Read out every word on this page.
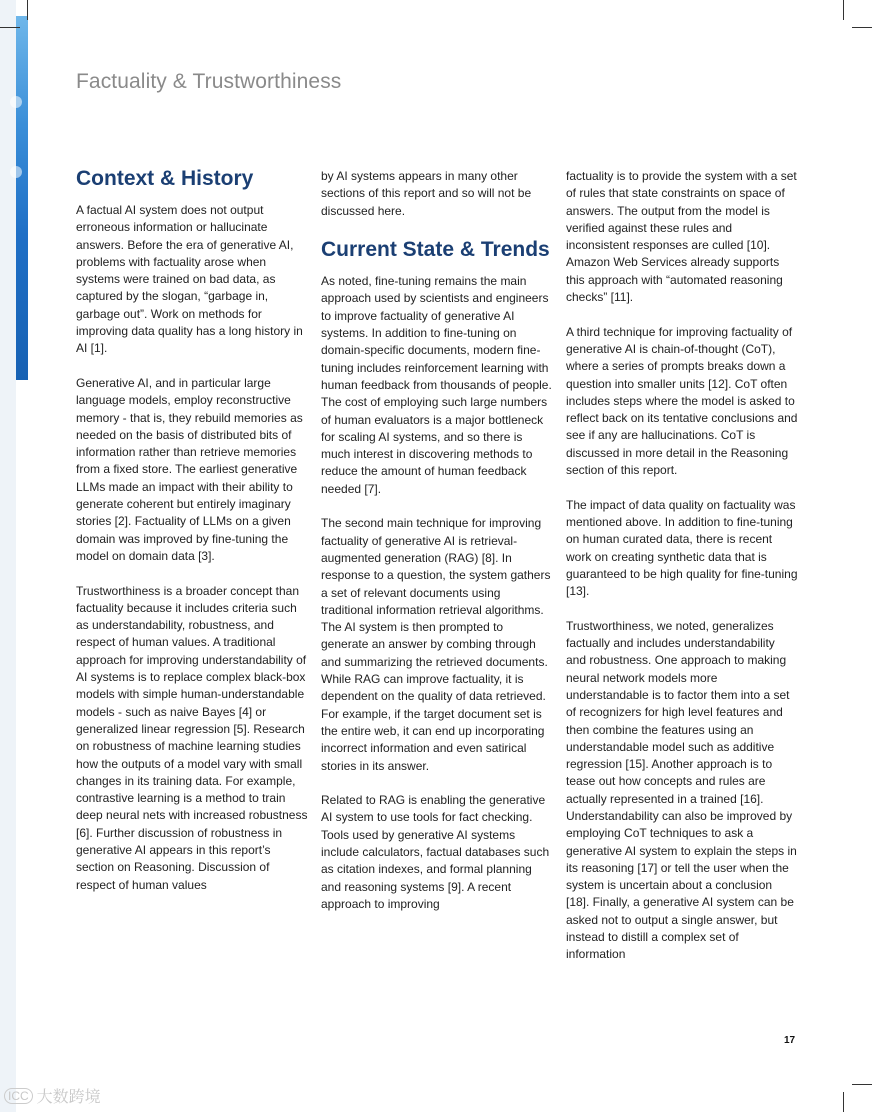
Factuality & Trustworthiness
Context & History

A factual AI system does not output erroneous information or hallucinate answers. Before the era of generative AI, problems with factuality arose when systems were trained on bad data, as captured by the slogan, “garbage in, garbage out”. Work on methods for improving data quality has a long history in AI [1].

Generative AI, and in particular large language models, employ reconstructive memory - that is, they rebuild memories as needed on the basis of distributed bits of information rather than retrieve memories from a fixed store. The earliest generative LLMs made an impact with their ability to generate coherent but entirely imaginary stories [2]. Factuality of LLMs on a given domain was improved by fine-tuning the model on domain data [3].

Trustworthiness is a broader concept than factuality because it includes criteria such as understandability, robustness, and respect of human values. A traditional approach for improving understandability of AI systems is to replace complex black-box models with simple human-understandable models - such as naive Bayes [4] or generalized linear regression [5]. Research on robustness of machine learning studies how the outputs of a model vary with small changes in its training data. For example, contrastive learning is a method to train deep neural nets with increased robustness [6]. Further discussion of robustness in generative AI appears in this report’s section on Reasoning. Discussion of respect of human values

by AI systems appears in many other sections of this report and so will not be discussed here.

Current State & Trends

As noted, fine-tuning remains the main approach used by scientists and engineers to improve factuality of generative AI systems. In addition to fine-tuning on domain-specific documents, modern fine-tuning includes reinforcement learning with human feedback from thousands of people. The cost of employing such large numbers of human evaluators is a major bottleneck for scaling AI systems, and so there is much interest in discovering methods to reduce the amount of human feedback needed [7].

The second main technique for improving factuality of generative AI is retrieval-augmented generation (RAG) [8]. In response to a question, the system gathers a set of relevant documents using traditional information retrieval algorithms. The AI system is then prompted to generate an answer by combing through and summarizing the retrieved documents. While RAG can improve factuality, it is dependent on the quality of data retrieved. For example, if the target document set is the entire web, it can end up incorporating incorrect information and even satirical stories in its answer.

Related to RAG is enabling the generative AI system to use tools for fact checking. Tools used by generative AI systems include calculators, factual databases such as citation indexes, and formal planning and reasoning systems [9]. A recent approach to improving

factuality is to provide the system with a set of rules that state constraints on space of answers. The output from the model is verified against these rules and inconsistent responses are culled [10]. Amazon Web Services already supports this approach with “automated reasoning checks” [11].

A third technique for improving factuality of generative AI is chain-of-thought (CoT), where a series of prompts breaks down a question into smaller units [12]. CoT often includes steps where the model is asked to reflect back on its tentative conclusions and see if any are hallucinations. CoT is discussed in more detail in the Reasoning section of this report.

The impact of data quality on factuality was mentioned above. In addition to fine-tuning on human curated data, there is recent work on creating synthetic data that is guaranteed to be high quality for fine-tuning [13].

Trustworthiness, we noted, generalizes factually and includes understandability and robustness. One approach to making neural network models more understandable is to factor them into a set of recognizers for high level features and then combine the features using an understandable model such as additive regression [15]. Another approach is to tease out how concepts and rules are actually represented in a trained [16]. Understandability can also be improved by employing CoT techniques to ask a generative AI system to explain the steps in its reasoning [17] or tell the user when the system is uncertain about a conclusion [18]. Finally, a generative AI system can be asked not to output a single answer, but instead to distill a complex set of information

17
ICC 大数跨境
